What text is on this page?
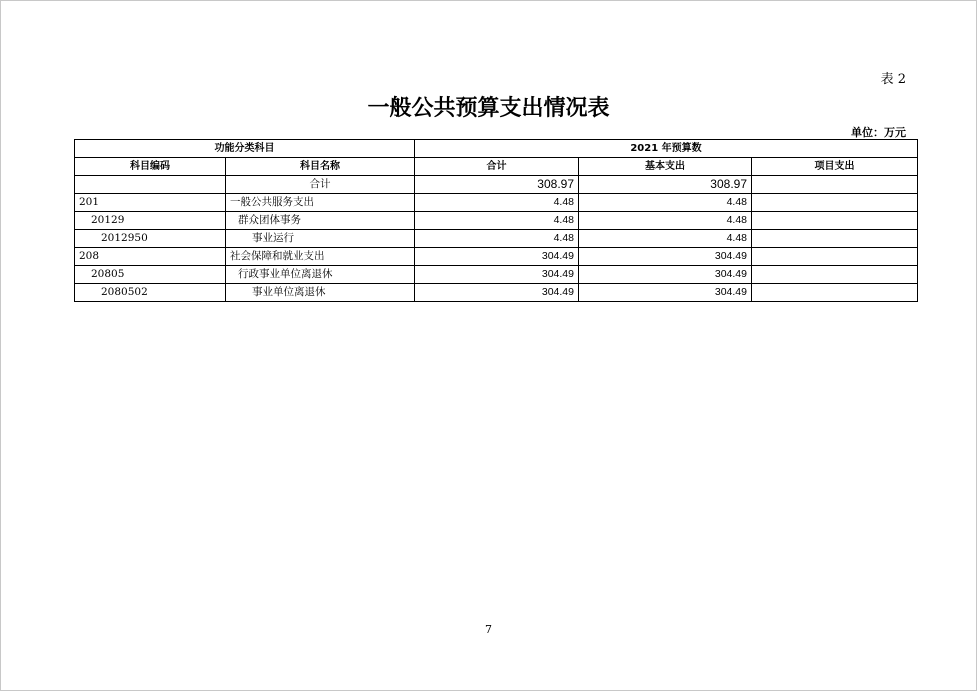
表 2
一般公共预算支出情况表
单位：万元
功能分类科目		2021 年预算数		
科目编码	科目名称	合计	基本支出	项目支出
	合计	308.97	308.97	
201	一般公共服务支出	4.48	4.48	
20129	群众团体事务	4.48	4.48	
2012950	事业运行	4.48	4.48	
208	社会保障和就业支出	304.49	304.49	
20805	行政事业单位离退休	304.49	304.49	
2080502	事业单位离退休	304.49	304.49	
7
